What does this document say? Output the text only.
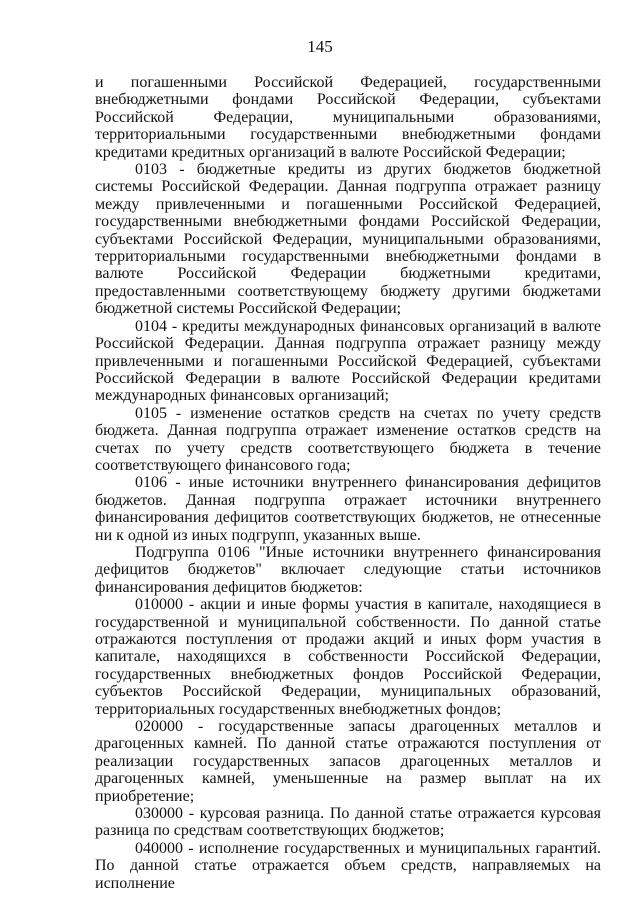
145

и погашенными Российской Федерацией, государственными внебюджетными фондами Российской Федерации, субъектами Российской Федерации, муниципальными образованиями, территориальными государственными внебюджетными фондами кредитами кредитных организаций в валюте Российской Федерации;

0103 - бюджетные кредиты из других бюджетов бюджетной системы Российской Федерации. Данная подгруппа отражает разницу между привлеченными и погашенными Российской Федерацией, государственными внебюджетными фондами Российской Федерации, субъектами Российской Федерации, муниципальными образованиями, территориальными государственными внебюджетными фондами в валюте Российской Федерации бюджетными кредитами, предоставленными соответствующему бюджету другими бюджетами бюджетной системы Российской Федерации;

0104 - кредиты международных финансовых организаций в валюте Российской Федерации. Данная подгруппа отражает разницу между привлеченными и погашенными Российской Федерацией, субъектами Российской Федерации в валюте Российской Федерации кредитами международных финансовых организаций;

0105 - изменение остатков средств на счетах по учету средств бюджета. Данная подгруппа отражает изменение остатков средств на счетах по учету средств соответствующего бюджета в течение соответствующего финансового года;

0106 - иные источники внутреннего финансирования дефицитов бюджетов. Данная подгруппа отражает источники внутреннего финансирования дефицитов соответствующих бюджетов, не отнесенные ни к одной из иных подгрупп, указанных выше.

Подгруппа 0106 "Иные источники внутреннего финансирования дефицитов бюджетов" включает следующие статьи источников финансирования дефицитов бюджетов:

010000 - акции и иные формы участия в капитале, находящиеся в государственной и муниципальной собственности. По данной статье отражаются поступления от продажи акций и иных форм участия в капитале, находящихся в собственности Российской Федерации, государственных внебюджетных фондов Российской Федерации, субъектов Российской Федерации, муниципальных образований, территориальных государственных внебюджетных фондов;

020000 - государственные запасы драгоценных металлов и драгоценных камней. По данной статье отражаются поступления от реализации государственных запасов драгоценных металлов и драгоценных камней, уменьшенные на размер выплат на их приобретение;

030000 - курсовая разница. По данной статье отражается курсовая разница по средствам соответствующих бюджетов;

040000 - исполнение государственных и муниципальных гарантий. По данной статье отражается объем средств, направляемых на исполнение
